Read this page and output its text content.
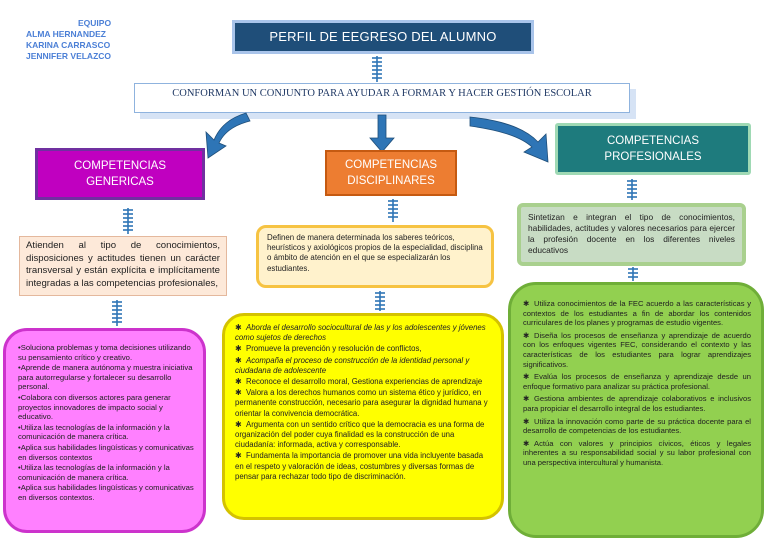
EQUIPO
ALMA HERNANDEZ
KARINA CARRASCO
JENNIFER VELAZCO
PERFIL DE EEGRESO DEL ALUMNO NORMALISTA
CONFORMAN UN CONJUNTO PARA AYUDAR A FORMAR Y HACER GESTIÓN ESCOLAR
COMPETENCIAS
GENERICAS
COMPETENCIAS
DISCIPLINARES
COMPETENCIAS
PROFESIONALES
Atienden al tipo de conocimientos, disposiciones y actitudes tienen un carácter transversal y están explícita e implícitamente integradas a las competencias profesionales,
Definen de manera determinada los saberes teóricos, heurísticos y axiológicos propios de la especialidad, disciplina o ámbito de atención en el que se especializarán los estudiantes.
Sintetizan e integran el tipo de conocimientos, habilidades, actitudes y valores necesarios para ejercer la profesión docente en los diferentes niveles educativos
•Soluciona problemas y toma decisiones utilizando su pensamiento crítico y creativo.
•Aprende de manera autónoma y muestra iniciativa para autorregularse y fortalecer su desarrollo personal.
•Colabora con diversos actores para generar proyectos innovadores de impacto social y educativo.
•Utiliza las tecnologías de la información y la comunicación de manera crítica.
•Aplica sus habilidades lingüísticas y comunicativas en diversos contextos
•Utiliza las tecnologías de la información y la comunicación de manera crítica.
•Aplica sus habilidades lingüísticas y comunicativas en diversos contextos.
✱ Aborda el desarrollo sociocultural de las y los adolescentes y jóvenes como sujetos de derechos
✱ Promueve la prevención y resolución de conflictos,
✱ Acompaña el proceso de construcción de la identidad personal y ciudadana de adolescente
✱ Reconoce el desarrollo moral, Gestiona experiencias de aprendizaje
✱ Valora a los derechos humanos como un sistema ético y jurídico, en permanente construcción, necesario para asegurar la dignidad humana y orientar la convivencia democrática.
✱ Argumenta con un sentido crítico que la democracia es una forma de organización del poder cuya finalidad es la construcción de una ciudadanía: informada, activa y corresponsable.
✱ Fundamenta la importancia de promover una vida incluyente basada en el respeto y valoración de ideas, costumbres y diversas formas de pensar para rechazar todo tipo de discriminación.
✱ Utiliza conocimientos de la FEC acuerdo a las características y contextos de los estudiantes a fin de abordar los contenidos curriculares de los planes y programas de estudio vigentes.
✱ Diseña los procesos de enseñanza y aprendizaje de acuerdo con los enfoques vigentes FEC, considerando el contexto y las características de los estudiantes para lograr aprendizajes significativos.
✱ Evalúa los procesos de enseñanza y aprendizaje desde un enfoque formativo para analizar su práctica profesional.
✱ Gestiona ambientes de aprendizaje colaborativos e inclusivos para propiciar el desarrollo integral de los estudiantes.
✱ Utiliza la innovación como parte de su práctica docente para el desarrollo de competencias de los estudiantes.
✱ Actúa con valores y principios cívicos, éticos y legales inherentes a su responsabilidad social y su labor profesional con una perspectiva intercultural y humanista.
